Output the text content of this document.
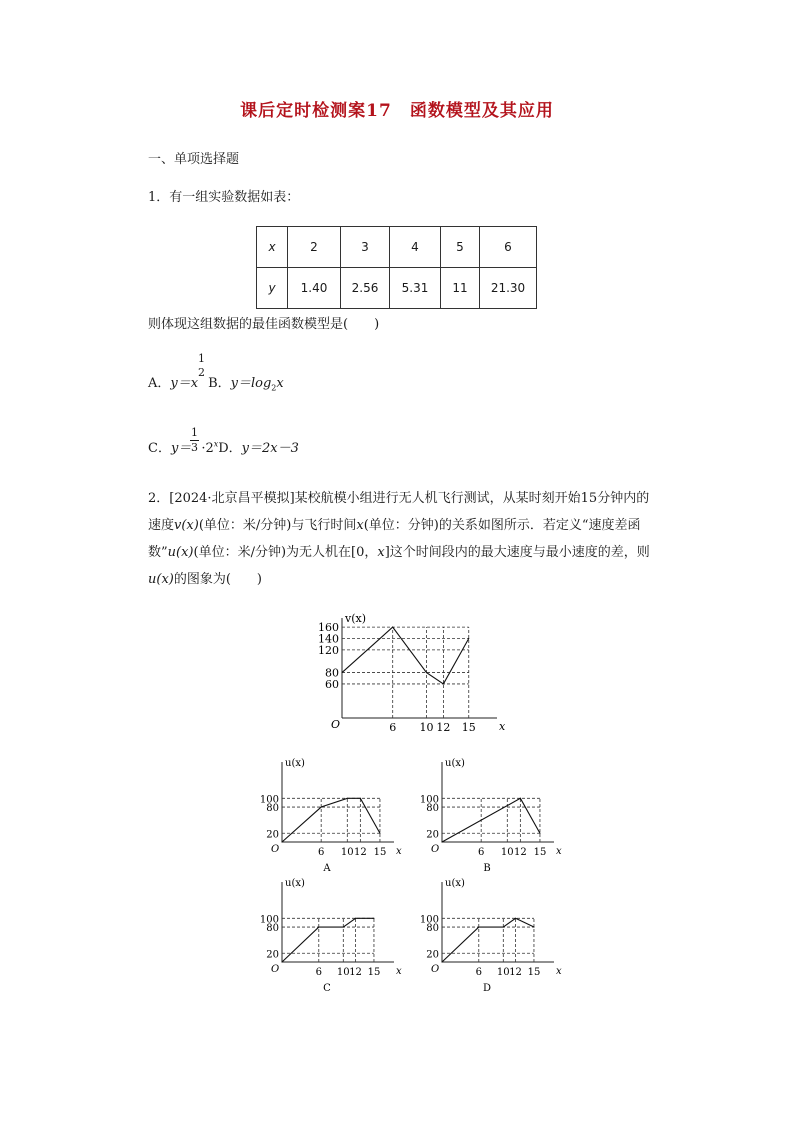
课后定时检测案17　函数模型及其应用
一、单项选择题
1．有一组实验数据如表：
x	2	3	4	5	6
y	1.40	2.56	5.31	11	21.30
则体现这组数据的最佳函数模型是(　　)
1
2
A．y＝x B．$y=\log_2x$
1
3
C．$y= \cdot 2^xD$．y＝2x－3
2．[2024·北京昌平模拟]某校航模小组进行无人机飞行测试，从某时刻开始15分钟内的速度v(x)(单位：米/分钟)与飞行时间x(单位：分钟)的关系如图所示．若定义“速度差函数”u(x)(单位：米/分钟)为无人机在[0，x]这个时间段内的最大速度与最小速度的差，则u(x)的图象为(　　)
x
v(x)
O
160
140
120
80
60
6 10 12 15
x
u(x)
O
100
80
20
6 10 12 15
A
x
u(x)
O
100
80
20
6 10 12 15
B
x
u(x)
O
100
80
20
6 10 12 15
C
x
u(x)
O
100
80
20
6 10 12 15
D
